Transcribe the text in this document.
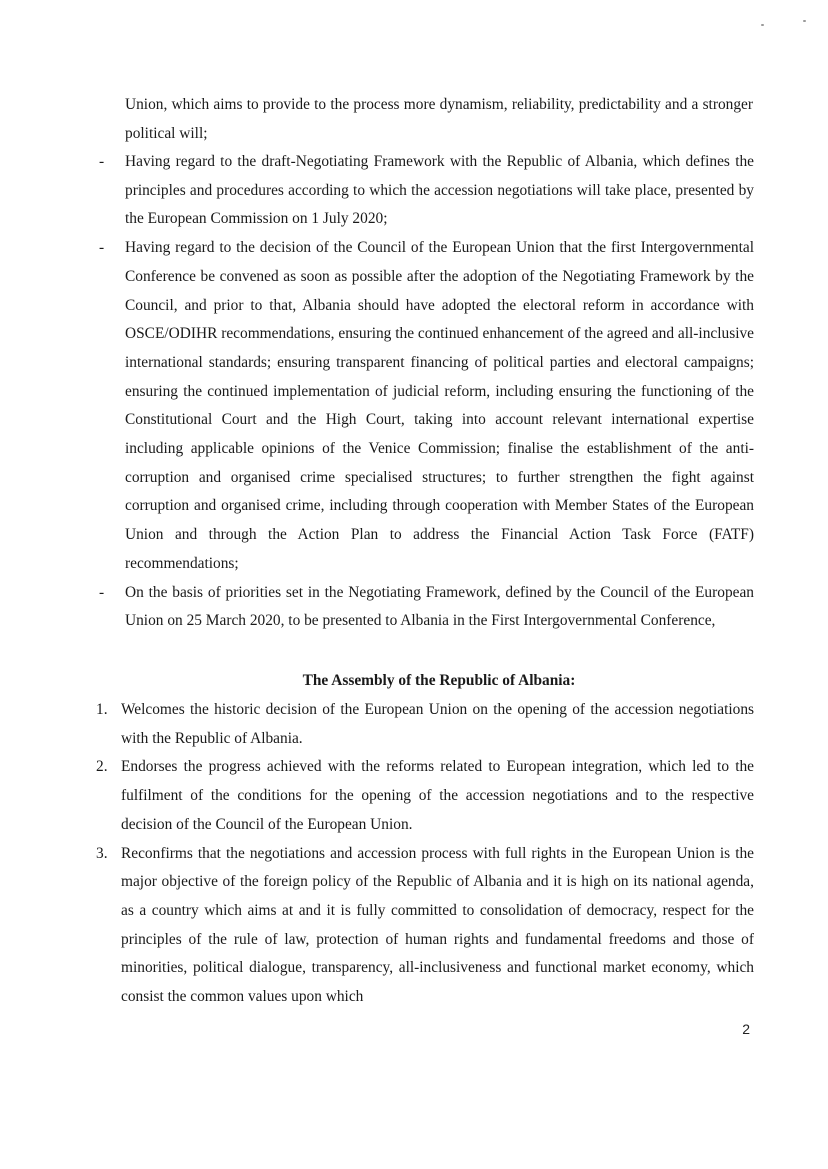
Union, which aims to provide to the process more dynamism, reliability, predictability and a stronger political will;
- Having regard to the draft-Negotiating Framework with the Republic of Albania, which defines the principles and procedures according to which the accession negotiations will take place, presented by the European Commission on 1 July 2020;
- Having regard to the decision of the Council of the European Union that the first Intergovernmental Conference be convened as soon as possible after the adoption of the Negotiating Framework by the Council, and prior to that, Albania should have adopted the electoral reform in accordance with OSCE/ODIHR recommendations, ensuring the continued enhancement of the agreed and all-inclusive international standards; ensuring transparent financing of political parties and electoral campaigns; ensuring the continued implementation of judicial reform, including ensuring the functioning of the Constitutional Court and the High Court, taking into account relevant international expertise including applicable opinions of the Venice Commission; finalise the establishment of the anti-corruption and organised crime specialised structures; to further strengthen the fight against corruption and organised crime, including through cooperation with Member States of the European Union and through the Action Plan to address the Financial Action Task Force (FATF) recommendations;
- On the basis of priorities set in the Negotiating Framework, defined by the Council of the European Union on 25 March 2020, to be presented to Albania in the First Intergovernmental Conference,
The Assembly of the Republic of Albania:
1. Welcomes the historic decision of the European Union on the opening of the accession negotiations with the Republic of Albania.
2. Endorses the progress achieved with the reforms related to European integration, which led to the fulfilment of the conditions for the opening of the accession negotiations and to the respective decision of the Council of the European Union.
3. Reconfirms that the negotiations and accession process with full rights in the European Union is the major objective of the foreign policy of the Republic of Albania and it is high on its national agenda, as a country which aims at and it is fully committed to consolidation of democracy, respect for the principles of the rule of law, protection of human rights and fundamental freedoms and those of minorities, political dialogue, transparency, all-inclusiveness and functional market economy, which consist the common values upon which
2
